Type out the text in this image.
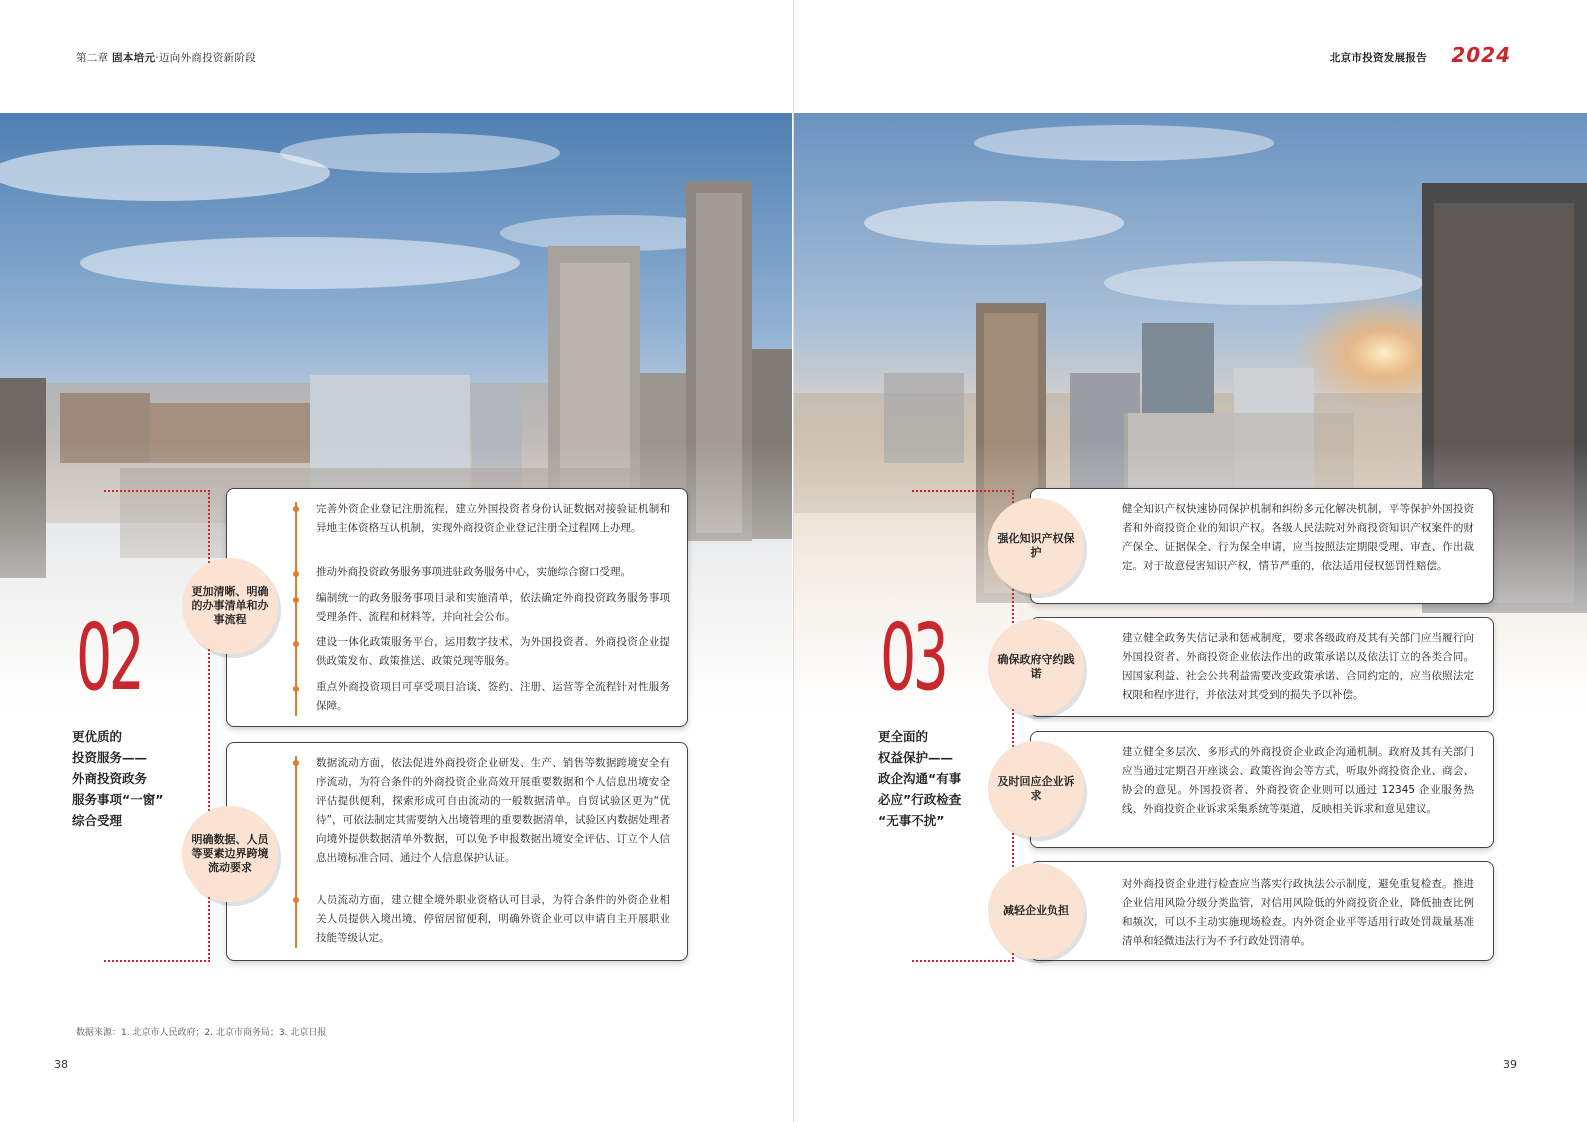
第二章 固本培元·迈向外商投资新阶段	北京市投资发展报告 2024
02
更优质的
投资服务——
外商投资政务
服务事项“一窗”
综合受理
更加清晰、明确的办事清单和办事流程
完善外资企业登记注册流程，建立外国投资者身份认证数据对接验证机制和异地主体资格互认机制，实现外商投资企业登记注册全过程网上办理。
推动外商投资政务服务事项进驻政务服务中心，实施综合窗口受理。
编制统一的政务服务事项目录和实施清单，依法确定外商投资政务服务事项受理条件、流程和材料等，并向社会公布。
建设一体化政策服务平台，运用数字技术，为外国投资者、外商投资企业提供政策发布、政策推送、政策兑现等服务。
重点外商投资项目可享受项目洽谈、签约、注册、运营等全流程针对性服务保障。
明确数据、人员等要素边界跨境流动要求
数据流动方面，依法促进外商投资企业研发、生产、销售等数据跨境安全有序流动，为符合条件的外商投资企业高效开展重要数据和个人信息出境安全评估提供便利，探索形成可自由流动的一般数据清单。自贸试验区更为“优待”，可依法制定其需要纳入出境管理的重要数据清单，试验区内数据处理者向境外提供数据清单外数据，可以免予申报数据出境安全评估、订立个人信息出境标准合同、通过个人信息保护认证。
人员流动方面，建立健全境外职业资格认可目录，为符合条件的外资企业相关人员提供入境出境、停留居留便利，明确外资企业可以申请自主开展职业技能等级认定。
数据来源：1. 北京市人民政府；2. 北京市商务局；3. 北京日报
38
03
更全面的
权益保护——
政企沟通“有事
必应”行政检查
“无事不扰”
强化知识产权保护
健全知识产权快速协同保护机制和纠纷多元化解决机制，平等保护外国投资者和外商投资企业的知识产权。各级人民法院对外商投资知识产权案件的财产保全、证据保全、行为保全申请，应当按照法定期限受理、审查、作出裁定。对于故意侵害知识产权，情节严重的，依法适用侵权惩罚性赔偿。
确保政府守约践诺
建立健全政务失信记录和惩戒制度，要求各级政府及其有关部门应当履行向外国投资者、外商投资企业依法作出的政策承诺以及依法订立的各类合同。因国家利益、社会公共利益需要改变政策承诺、合同约定的，应当依照法定权限和程序进行，并依法对其受到的损失予以补偿。
及时回应企业诉求
建立健全多层次、多形式的外商投资企业政企沟通机制。政府及其有关部门应当通过定期召开座谈会、政策咨询会等方式，听取外商投资企业、商会、协会的意见。外国投资者、外商投资企业则可以通过 12345 企业服务热线、外商投资企业诉求采集系统等渠道，反映相关诉求和意见建议。
减轻企业负担
对外商投资企业进行检查应当落实行政执法公示制度，避免重复检查。推进企业信用风险分级分类监管，对信用风险低的外商投资企业，降低抽查比例和频次，可以不主动实施现场检查。内外资企业平等适用行政处罚裁量基准清单和轻微违法行为不予行政处罚清单。
39
